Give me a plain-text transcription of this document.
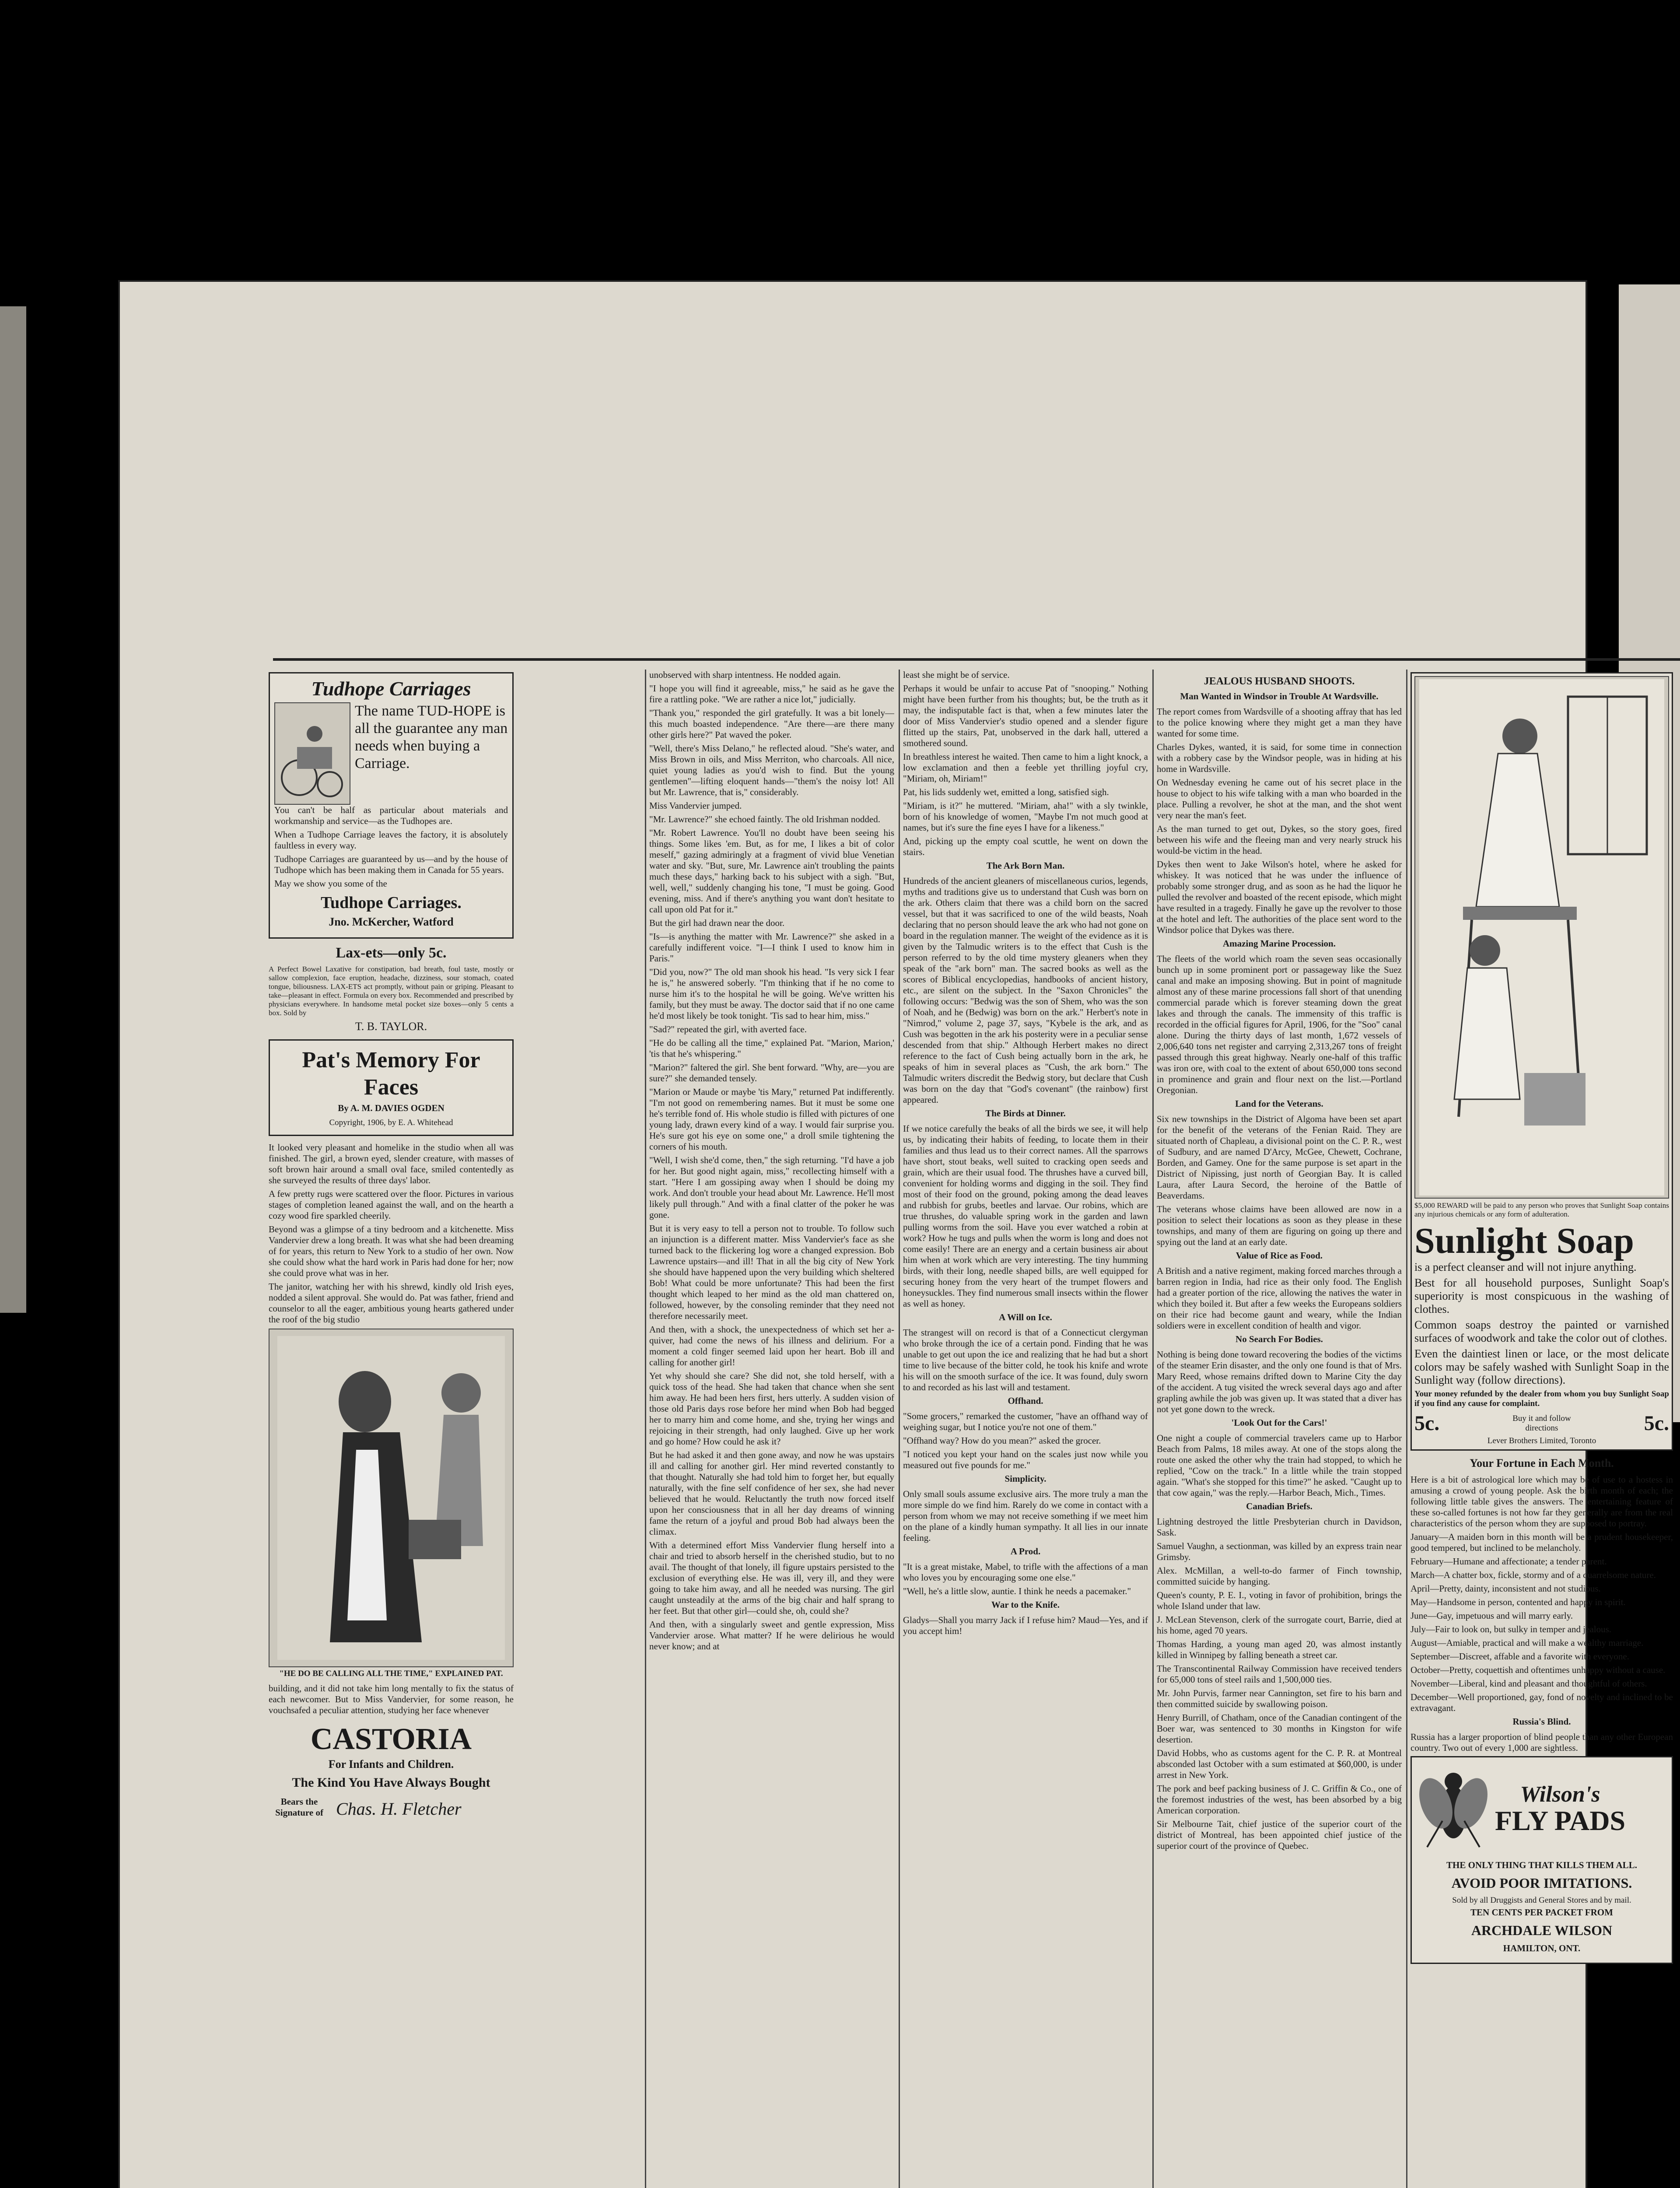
Tudhope Carriages
The name TUD-HOPE is all the guarantee any man needs when buying a Carriage.

You can't be half as particular about materials and workmanship and service—as the Tudhopes are.

When a Tudhope Carriage leaves the factory, it is absolutely faultless in every way.

Tudhope Carriages are guaranteed by us—and by the house of Tudhope which has been making them in Canada for 55 years.

May we show you some of the

Tudhope Carriages.
Jno. McKercher, Watford
Lax-ets—only 5c.

A Perfect Bowel Laxative for constipation, bad breath, foul taste, mostly or sallow complexion, face eruption, headache, dizziness, sour stomach, coated tongue, biliousness. LAX-ETS act promptly, without pain or griping. Pleasant to take—pleasant in effect. Formula on every box. Recommended and prescribed by physicians everywhere. In handsome metal pocket size boxes—only 5 cents a box. Sold by

T. B. TAYLOR.
Pat's Memory For Faces
By A. M. DAVIES OGDEN
Copyright, 1906, by E. A. Whitehead

It looked very pleasant and homelike in the studio when all was finished. The girl, a brown eyed, slender creature, with masses of soft brown hair around a small oval face, smiled contentedly as she surveyed the results of three days' labor.

A few pretty rugs were scattered over the floor. Pictures in various stages of completion leaned against the wall, and on the hearth a cozy wood fire sparkled cheerily.

Beyond was a glimpse of a tiny bedroom and a kitchenette. Miss Vandervier drew a long breath. It was what she had been dreaming of for years, this return to New York to a studio of her own. Now she could show what the hard work in Paris had done for her; now she could prove what was in her.

The janitor, watching her with his shrewd, kindly old Irish eyes, nodded a silent approval. She would do. Pat was father, friend and counselor to all the eager, ambitious young hearts gathered under the roof of the big studio

"HE DO BE CALLING ALL THE TIME," EXPLAINED PAT.

building, and it did not take him long mentally to fix the status of each newcomer. But to Miss Vandervier, for some reason, he vouchsafed a peculiar attention, studying her face whenever

CASTORIA
For Infants and Children.
The Kind You Have Always Bought
Bears the Signature of Chas. H. Fletcher

unobserved with sharp intentness. He nodded again.

"I hope you will find it agreeable, miss," he said as he gave the fire a rattling poke. "We are rather a nice lot," judicially.

"Thank you," responded the girl gratefully. It was a bit lonely—this much boasted independence. "Are there—are there many other girls here?" Pat waved the poker.

"Well, there's Miss Delano," he reflected aloud. "She's water, and Miss Brown in oils, and Miss Merriton, who charcoals. All nice, quiet young ladies as you'd wish to find. But the young gentlemen"—lifting eloquent hands—"them's the noisy lot! All but Mr. Lawrence, that is," considerably.

Miss Vandervier jumped.

"Mr. Lawrence?" she echoed faintly. The old Irishman nodded.

"Mr. Robert Lawrence. You'll no doubt have been seeing his things. Some likes 'em. But, as for me, I likes a bit of color meself," gazing admiringly at a fragment of vivid blue Venetian water and sky. "But, sure, Mr. Lawrence ain't troubling the paints much these days," harking back to his subject with a sigh. "But, well, well," suddenly changing his tone, "I must be going. Good evening, miss. And if there's anything you want don't hesitate to call upon old Pat for it."

But the girl had drawn near the door.

"Is—is anything the matter with Mr. Lawrence?" she asked in a carefully indifferent voice. "I—I think I used to know him in Paris."

"Did you, now?" The old man shook his head. "Is very sick I fear he is," he answered soberly. "I'm thinking that if he no come to nurse him it's to the hospital he will be going. We've written his family, but they must be away. The doctor said that if no one came he'd most likely be took tonight. 'Tis sad to hear him, miss."

"Sad?" repeated the girl, with averted face.

"He do be calling all the time," explained Pat. "Marion, Marion,' 'tis that he's whispering."

"Marion?" faltered the girl. She bent forward. "Why, are—you are sure?" she demanded tensely.

"Marion or Maude or maybe 'tis Mary," returned Pat indifferently. "I'm not good on remembering names. But it must be some one he's terrible fond of. His whole studio is filled with pictures of one young lady, drawn every kind of a way. I would fair surprise you. He's sure got his eye on some one," a droll smile tightening the corners of his mouth.

"Well, I wish she'd come, then," the sigh returning. "I'd have a job for her. But good night again, miss," recollecting himself with a start. "Here I am gossiping away when I should be doing my work. And don't trouble your head about Mr. Lawrence. He'll most likely pull through." And with a final clatter of the poker he was gone.

But it is very easy to tell a person not to trouble. To follow such an injunction is a different matter. Miss Vandervier's face as she turned back to the flickering log wore a changed expression. Bob Lawrence upstairs—and ill! That in all the big city of New York she should have happened upon the very building which sheltered Bob! What could be more unfortunate? This had been the first thought which leaped to her mind as the old man chattered on, followed, however, by the consoling reminder that they need not therefore necessarily meet.

And then, with a shock, the unexpectedness of which set her a-quiver, had come the news of his illness and delirium. For a moment a cold finger seemed laid upon her heart. Bob ill and calling for another girl!

Yet why should she care? She did not, she told herself, with a quick toss of the head. She had taken that chance when she sent him away. He had been hers first, hers utterly. A sudden vision of those old Paris days rose before her mind when Bob had begged her to marry him and come home, and she, trying her wings and rejoicing in their strength, had only laughed. Give up her work and go home? How could he ask it?

But he had asked it and then gone away, and now he was upstairs ill and calling for another girl. Her mind reverted constantly to that thought. Naturally she had told him to forget her, but equally naturally, with the fine self confidence of her sex, she had never believed that he would. Reluctantly the truth now forced itself upon her consciousness that in all her day dreams of winning fame the return of a joyful and proud Bob had always been the climax.

With a determined effort Miss Vandervier flung herself into a chair and tried to absorb herself in the cherished studio, but to no avail. The thought of that lonely, ill figure upstairs persisted to the exclusion of everything else. He was ill, very ill, and they were going to take him away, and all he needed was nursing. The girl caught unsteadily at the arms of the big chair and half sprang to her feet. But that other girl—could she, oh, could she?

And then, with a singularly sweet and gentle expression, Miss Vandervier arose. What matter? If he were delirious he would never know; and at

least she might be of service.

Perhaps it would be unfair to accuse Pat of "snooping." Nothing might have been further from his thoughts; but, be the truth as it may, the indisputable fact is that, when a few minutes later the door of Miss Vandervier's studio opened and a slender figure flitted up the stairs, Pat, unobserved in the dark hall, uttered a smothered sound.

In breathless interest he waited. Then came to him a light knock, a low exclamation and then a feeble yet thrilling joyful cry, "Miriam, oh, Miriam!"

Pat, his lids suddenly wet, emitted a long, satisfied sigh.

"Miriam, is it?" he muttered. "Miriam, aha!" with a sly twinkle, born of his knowledge of women, "Maybe I'm not much good at names, but it's sure the fine eyes I have for a likeness."

And, picking up the empty coal scuttle, he went on down the stairs.

The Ark Born Man.

Hundreds of the ancient gleaners of miscellaneous curios, legends, myths and traditions give us to understand that Cush was born on the ark. Others claim that there was a child born on the sacred vessel, but that it was sacrificed to one of the wild beasts, Noah declaring that no person should leave the ark who had not gone on board in the regulation manner. The weight of the evidence as it is given by the Talmudic writers is to the effect that Cush is the person referred to by the old time mystery gleaners when they speak of the "ark born" man. The sacred books as well as the scores of Biblical encyclopedias, handbooks of ancient history, etc., are silent on the subject. In the "Saxon Chronicles" the following occurs: "Bedwig was the son of Shem, who was the son of Noah, and he (Bedwig) was born on the ark." Herbert's note in "Nimrod," volume 2, page 37, says, "Kybele is the ark, and as Cush was begotten in the ark his posterity were in a peculiar sense descended from that ship." Although Herbert makes no direct reference to the fact of Cush being actually born in the ark, he speaks of him in several places as "Cush, the ark born." The Talmudic writers discredit the Bedwig story, but declare that Cush was born on the day that "God's covenant" (the rainbow) first appeared.

The Birds at Dinner.

If we notice carefully the beaks of all the birds we see, it will help us, by indicating their habits of feeding, to locate them in their families and thus lead us to their correct names. All the sparrows have short, stout beaks, well suited to cracking open seeds and grain, which are their usual food. The thrushes have a curved bill, convenient for holding worms and digging in the soil. They find most of their food on the ground, poking among the dead leaves and rubbish for grubs, beetles and larvae. Our robins, which are true thrushes, do valuable spring work in the garden and lawn pulling worms from the soil. Have you ever watched a robin at work? How he tugs and pulls when the worm is long and does not come easily! There are an energy and a certain business air about him when at work which are very interesting. The tiny humming birds, with their long, needle shaped bills, are well equipped for securing honey from the very heart of the trumpet flowers and honeysuckles. They find numerous small insects within the flower as well as honey.

A Will on Ice.

The strangest will on record is that of a Connecticut clergyman who broke through the ice of a certain pond. Finding that he was unable to get out upon the ice and realizing that he had but a short time to live because of the bitter cold, he took his knife and wrote his will on the smooth surface of the ice. It was found, duly sworn to and recorded as his last will and testament.

Offhand.

"Some grocers," remarked the customer, "have an offhand way of weighing sugar, but I notice you're not one of them."

"Offhand way? How do you mean?" asked the grocer.

"I noticed you kept your hand on the scales just now while you measured out five pounds for me."

Simplicity.

Only small souls assume exclusive airs. The more truly a man the more simple do we find him. Rarely do we come in contact with a person from whom we may not receive something if we meet him on the plane of a kindly human sympathy. It all lies in our innate feeling.

A Prod.

"It is a great mistake, Mabel, to trifle with the affections of a man who loves you by encouraging some one else."

"Well, he's a little slow, auntie. I think he needs a pacemaker."

War to the Knife.

Gladys—Shall you marry Jack if I refuse him? Maud—Yes, and if you accept him!

JEALOUS HUSBAND SHOOTS.
Man Wanted in Windsor in Trouble At Wardsville.

The report comes from Wardsville of a shooting affray that has led to the police knowing where they might get a man they have wanted for some time.

Charles Dykes, wanted, it is said, for some time in connection with a robbery case by the Windsor people, was in hiding at his home in Wardsville.

On Wednesday evening he came out of his secret place in the house to object to his wife talking with a man who boarded in the place. Pulling a revolver, he shot at the man, and the shot went very near the man's feet.

As the man turned to get out, Dykes, so the story goes, fired between his wife and the fleeing man and very nearly struck his would-be victim in the head.

Dykes then went to Jake Wilson's hotel, where he asked for whiskey. It was noticed that he was under the influence of probably some stronger drug, and as soon as he had the liquor he pulled the revolver and boasted of the recent episode, which might have resulted in a tragedy. Finally he gave up the revolver to those at the hotel and left. The authorities of the place sent word to the Windsor police that Dykes was there.

Amazing Marine Procession.

The fleets of the world which roam the seven seas occasionally bunch up in some prominent port or passageway like the Suez canal and make an imposing showing. But in point of magnitude almost any of these marine processions fall short of that unending commercial parade which is forever steaming down the great lakes and through the canals. The immensity of this traffic is recorded in the official figures for April, 1906, for the "Soo" canal alone. During the thirty days of last month, 1,672 vessels of 2,006,640 tons net register and carrying 2,313,267 tons of freight passed through this great highway. Nearly one-half of this traffic was iron ore, with coal to the extent of about 650,000 tons second in prominence and grain and flour next on the list.—Portland Oregonian.

Land for the Veterans.

Six new townships in the District of Algoma have been set apart for the benefit of the veterans of the Fenian Raid. They are situated north of Chapleau, a divisional point on the C. P. R., west of Sudbury, and are named D'Arcy, McGee, Chewett, Cochrane, Borden, and Gamey. One for the same purpose is set apart in the District of Nipissing, just north of Georgian Bay. It is called Laura, after Laura Secord, the heroine of the Battle of Beaverdams.

The veterans whose claims have been allowed are now in a position to select their locations as soon as they please in these townships, and many of them are figuring on going up there and spying out the land at an early date.

Value of Rice as Food.

A British and a native regiment, making forced marches through a barren region in India, had rice as their only food. The English had a greater portion of the rice, allowing the natives the water in which they boiled it. But after a few weeks the Europeans soldiers on their rice had become gaunt and weary, while the Indian soldiers were in excellent condition of health and vigor.

No Search For Bodies.

Nothing is being done toward recovering the bodies of the victims of the steamer Erin disaster, and the only one found is that of Mrs. Mary Reed, whose remains drifted down to Marine City the day of the accident. A tug visited the wreck several days ago and after grapling awhile the job was given up. It was stated that a diver has not yet gone down to the wreck.

'Look Out for the Cars!'

One night a couple of commercial travelers came up to Harbor Beach from Palms, 18 miles away. At one of the stops along the route one asked the other why the train had stopped, to which he replied, "Cow on the track." In a little while the train stopped again. "What's she stopped for this time?" he asked. "Caught up to that cow again," was the reply.—Harbor Beach, Mich., Times.

Canadian Briefs.

Lightning destroyed the little Presbyterian church in Davidson, Sask.

Samuel Vaughn, a sectionman, was killed by an express train near Grimsby.

Alex. McMillan, a well-to-do farmer of Finch township, committed suicide by hanging.

Queen's county, P. E. I., voting in favor of prohibition, brings the whole Island under that law.

J. McLean Stevenson, clerk of the surrogate court, Barrie, died at his home, aged 70 years.

Thomas Harding, a young man aged 20, was almost instantly killed in Winnipeg by falling beneath a street car.

The Transcontinental Railway Commission have received tenders for 65,000 tons of steel rails and 1,500,000 ties.

Mr. John Purvis, farmer near Cannington, set fire to his barn and then committed suicide by swallowing poison.

Henry Burrill, of Chatham, once of the Canadian contingent of the Boer war, was sentenced to 30 months in Kingston for wife desertion.

David Hobbs, who as customs agent for the C. P. R. at Montreal absconded last October with a sum estimated at $60,000, is under arrest in New York.

The pork and beef packing business of J. C. Griffin & Co., one of the foremost industries of the west, has been absorbed by a big American corporation.

Sir Melbourne Tait, chief justice of the superior court of the district of Montreal, has been appointed chief justice of the superior court of the province of Quebec.

$5,000 REWARD will be paid to any person who proves that Sunlight Soap contains any injurious chemicals or any form of adulteration.

Sunlight Soap

is a perfect cleanser and will not injure anything.

Best for all household purposes, Sunlight Soap's superiority is most conspicuous in the washing of clothes.

Common soaps destroy the painted or varnished surfaces of woodwork and take the color out of clothes.

Even the daintiest linen or lace, or the most delicate colors may be safely washed with Sunlight Soap in the Sunlight way (follow directions).

Your money refunded by the dealer from whom you buy Sunlight Soap if you find any cause for complaint.

5c.	Buy it and follow directions	5c.
Lever Brothers Limited, Toronto
Your Fortune in Each Month.

Here is a bit of astrological lore which may be of use to a hostess in amusing a crowd of young people. Ask the birth month of each; the following little table gives the answers. The entertaining feature of these so-called fortunes is not how far they generally are from the real characteristics of the person whom they are supposed to portray.

January—A maiden born in this month will be a prudent housekeeper, good tempered, but inclined to be melancholy.

February—Humane and affectionate; a tender parent.

March—A chatter box, fickle, stormy and of a quarrelsome nature.

April—Pretty, dainty, inconsistent and not studious.

May—Handsome in person, contented and happy in spirit.

June—Gay, impetuous and will marry early.

July—Fair to look on, but sulky in temper and jealous.

August—Amiable, practical and will make a wealthy marriage.

September—Discreet, affable and a favorite with everyone.

October—Pretty, coquettish and oftentimes unhappy without a cause.

November—Liberal, kind and pleasant and thoughtful of others.

December—Well proportioned, gay, fond of novelty and inclined to be extravagant.

Russia's Blind.

Russia has a larger proportion of blind people than any other European country. Two out of every 1,000 are sightless.

Wilson's
FLY PADS
THE ONLY THING THAT KILLS THEM ALL.
AVOID POOR IMITATIONS.
Sold by all Druggists and General Stores and by mail.
TEN CENTS PER PACKET FROM
ARCHDALE WILSON
HAMILTON, ONT.
